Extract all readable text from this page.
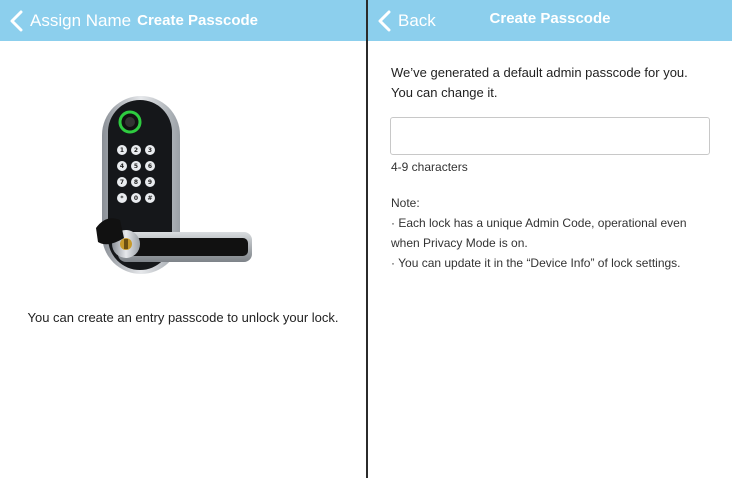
Assign Name Create Passcode
1 2 3
4 5 6
7 8 9
* 0 #
You can create an entry passcode to unlock your lock.
Back	Create Passcode
We’ve generated a default admin passcode for you.
You can change it.
4-9 characters
Note:
· Each lock has a unique Admin Code, operational even
when Privacy Mode is on.
· You can update it in the “Device Info” of lock settings.
